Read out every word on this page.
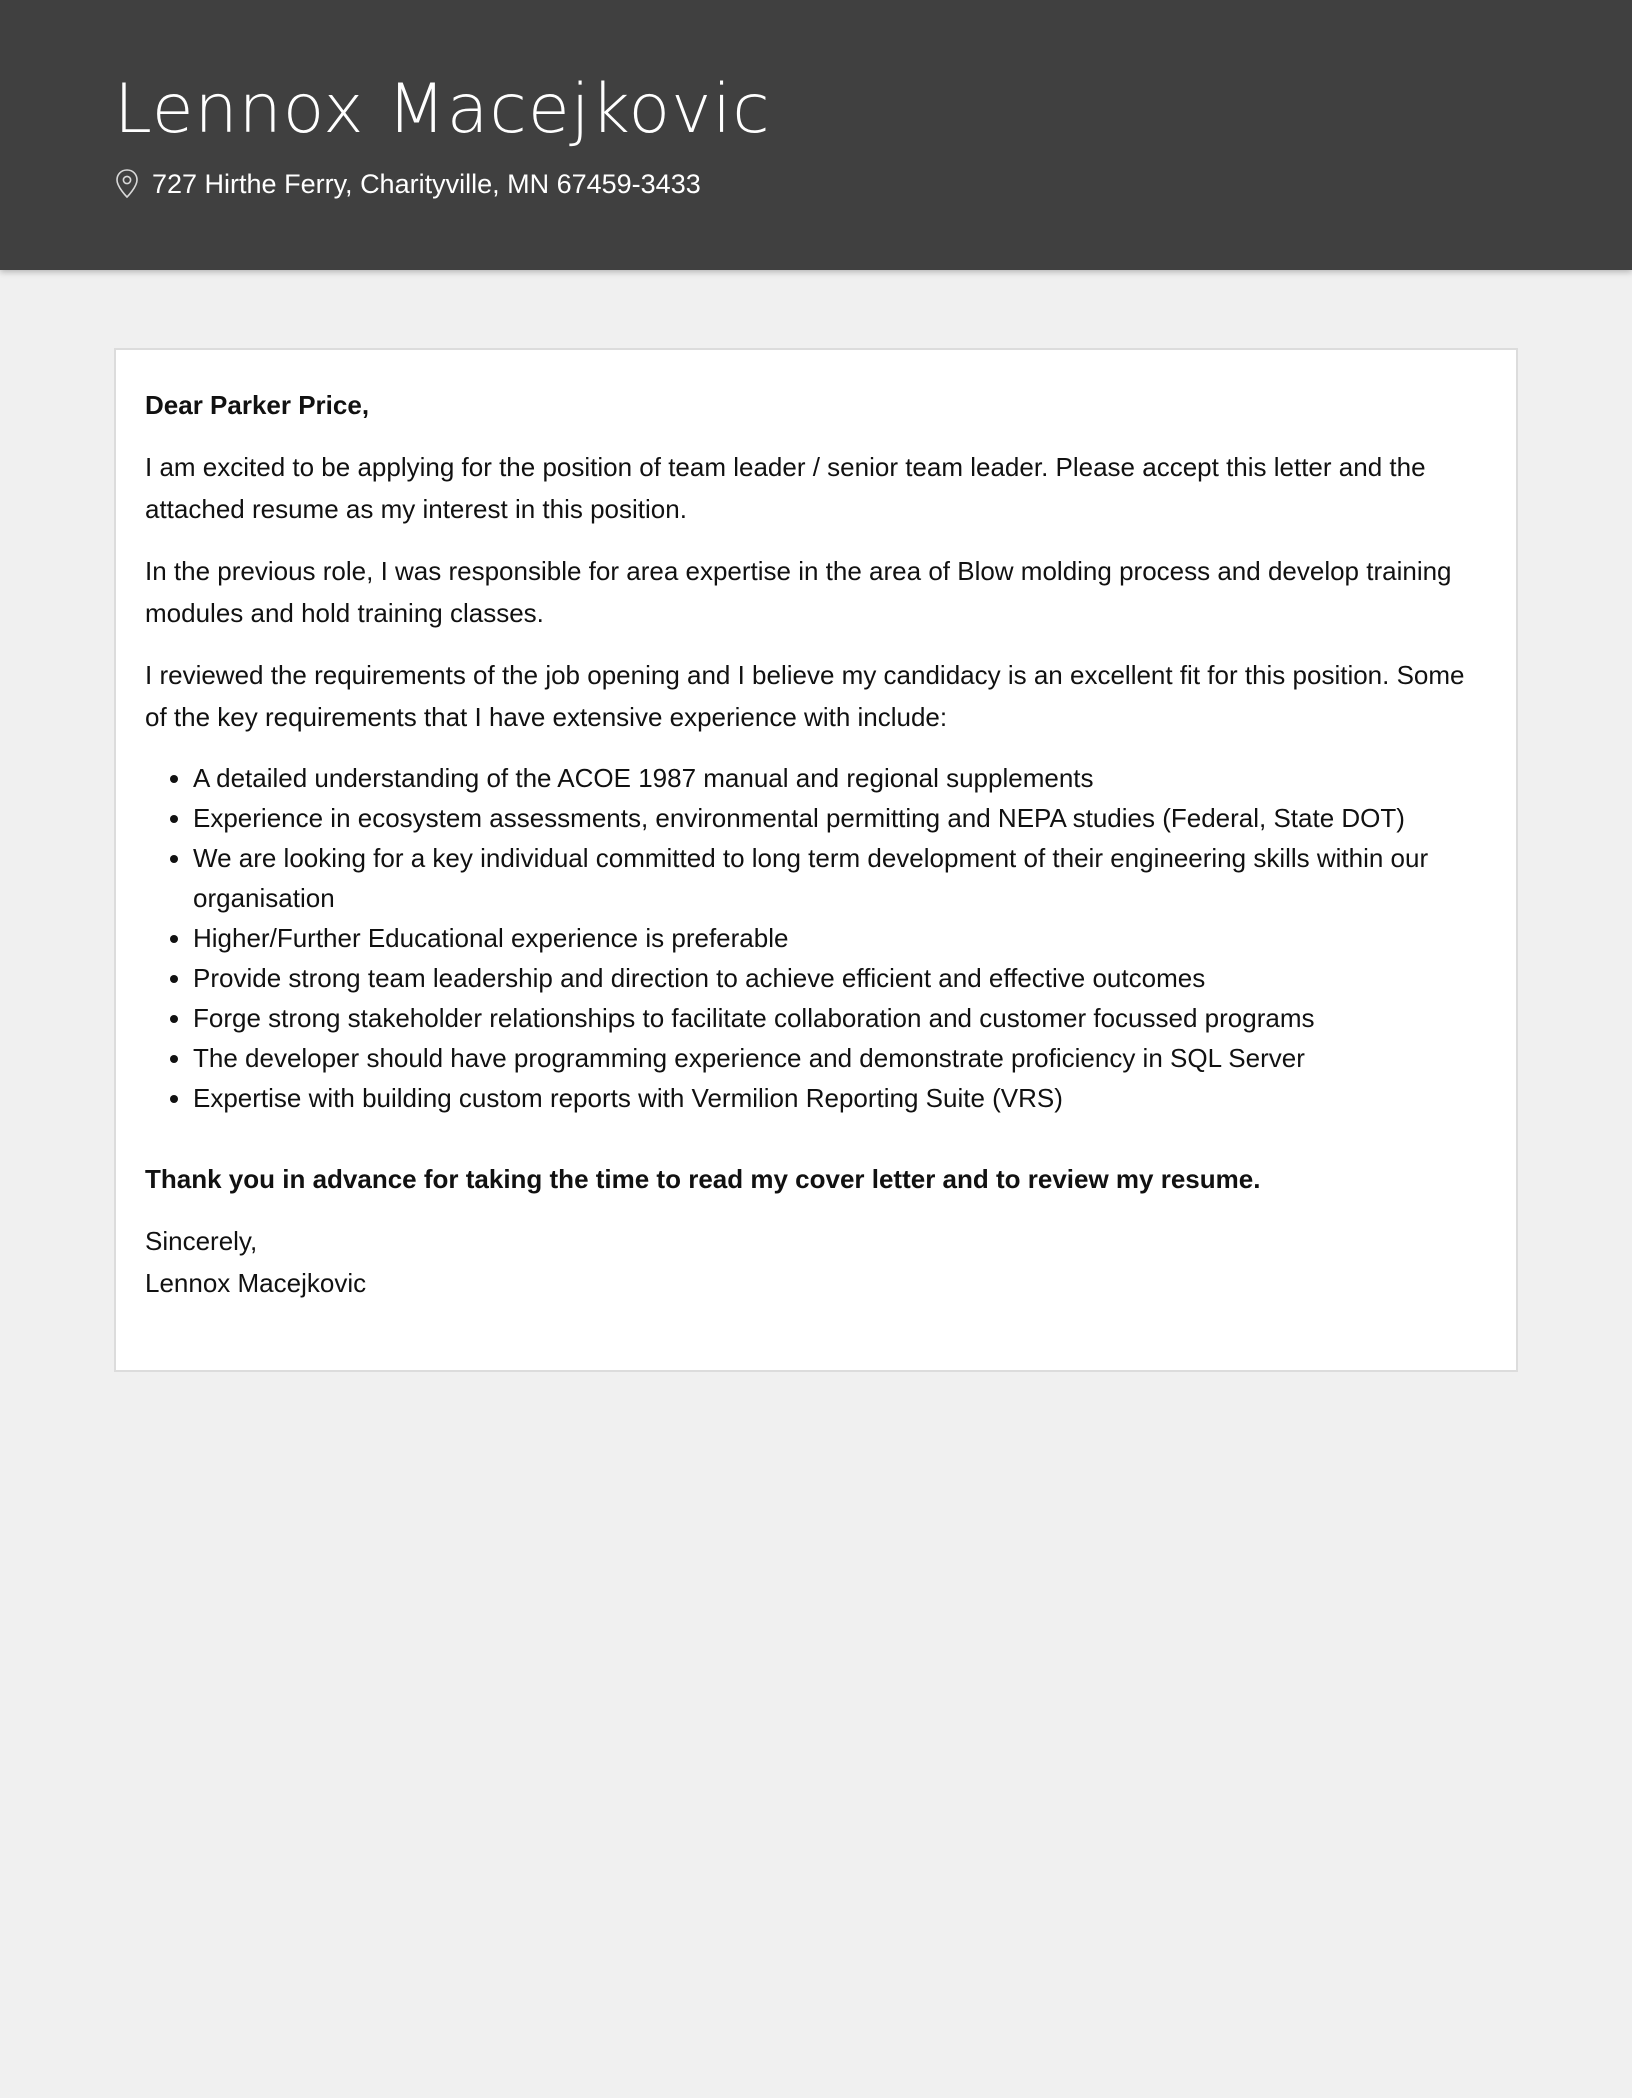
Lennox Macejkovic
727 Hirthe Ferry, Charityville, MN 67459-3433

Dear Parker Price,

I am excited to be applying for the position of team leader / senior team leader. Please accept this letter and the attached resume as my interest in this position.

In the previous role, I was responsible for area expertise in the area of Blow molding process and develop training modules and hold training classes.

I reviewed the requirements of the job opening and I believe my candidacy is an excellent fit for this position. Some of the key requirements that I have extensive experience with include:

• A detailed understanding of the ACOE 1987 manual and regional supplements
• Experience in ecosystem assessments, environmental permitting and NEPA studies (Federal, State DOT)
• We are looking for a key individual committed to long term development of their engineering skills within our organisation
• Higher/Further Educational experience is preferable
• Provide strong team leadership and direction to achieve efficient and effective outcomes
• Forge strong stakeholder relationships to facilitate collaboration and customer focussed programs
• The developer should have programming experience and demonstrate proficiency in SQL Server
• Expertise with building custom reports with Vermilion Reporting Suite (VRS)

Thank you in advance for taking the time to read my cover letter and to review my resume.

Sincerely,

Lennox Macejkovic
